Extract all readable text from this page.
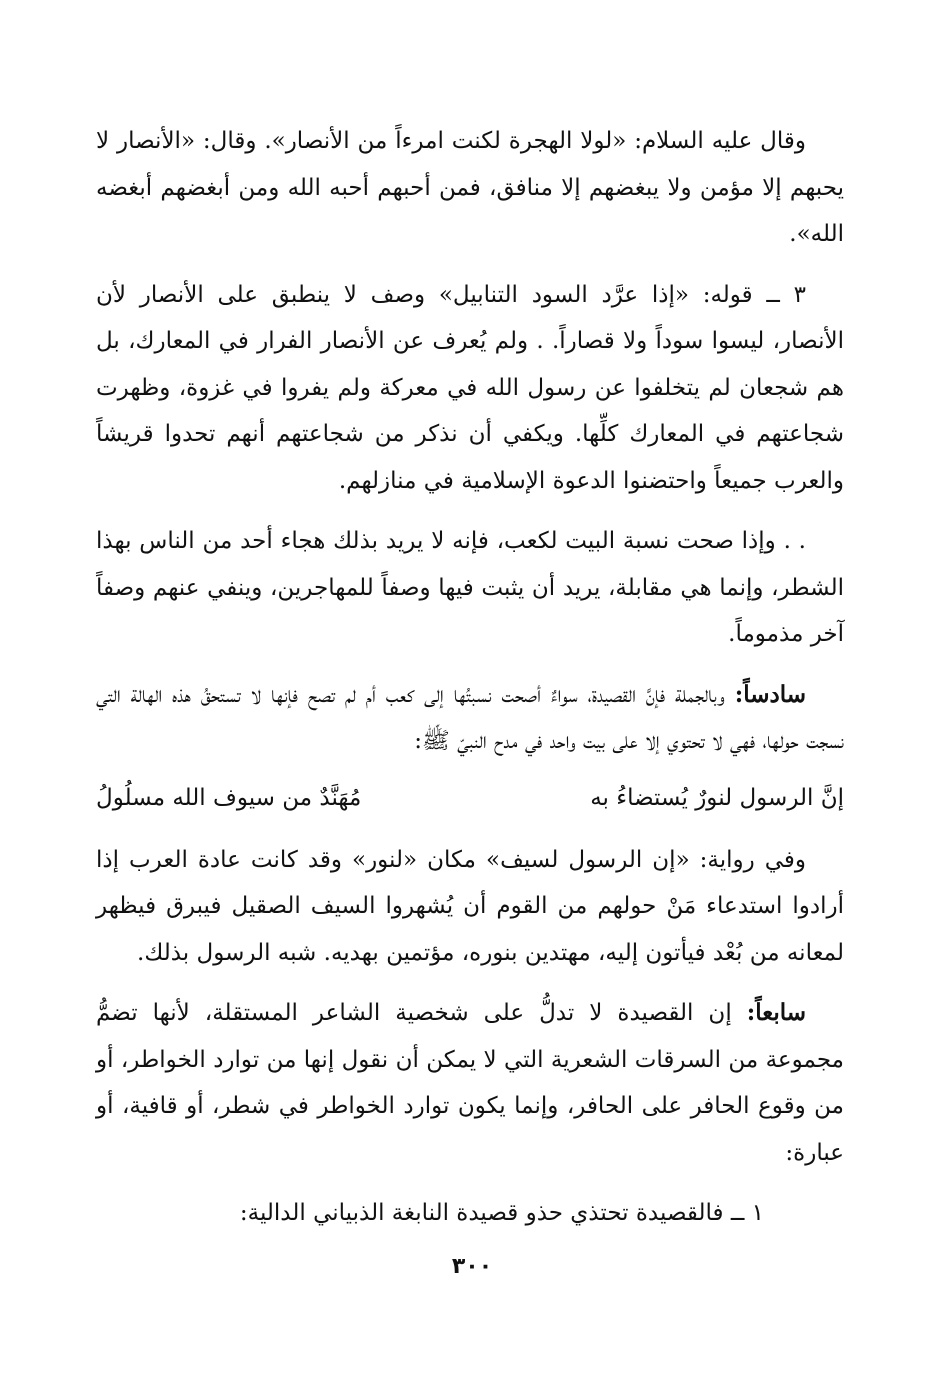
وقال عليه السلام: «لولا الهجرة لكنت امرءاً من الأنصار». وقال: «الأنصار لا يحبهم إلا مؤمن ولا يبغضهم إلا منافق، فمن أحبهم أحبه الله ومن أبغضهم أبغضه الله».

٣ ــ قوله: «إذا عرَّد السود التنابيل» وصف لا ينطبق على الأنصار لأن الأنصار، ليسوا سوداً ولا قصاراً. . ولم يُعرف عن الأنصار الفرار في المعارك، بل هم شجعان لم يتخلفوا عن رسول الله في معركة ولم يفروا في غزوة، وظهرت شجاعتهم في المعارك كلِّها. ويكفي أن نذكر من شجاعتهم أنهم تحدوا قريشاً والعرب جميعاً واحتضنوا الدعوة الإسلامية في منازلهم.

. . وإذا صحت نسبة البيت لكعب، فإنه لا يريد بذلك هجاء أحد من الناس بهذا الشطر، وإنما هي مقابلة، يريد أن يثبت فيها وصفاً للمهاجرين، وينفي عنهم وصفاً آخر مذموماً.

سادساً: وبالجملة فإنَّ القصيدة، سواءٌ أصحت نسبتُها إلى كعب أم لم تصح فإنها لا تستحقُ هذه الهالة التي نسجت حولها، فهي لا تحتوي إلا على بيت واحد في مدح النبيّ ﷺ:

إنَّ الرسول لنورٌ يُستضاءُ به
مُهَنَّدٌ من سيوف الله مسلُولُ

وفي رواية: «إن الرسول لسيف» مكان «لنور» وقد كانت عادة العرب إذا أرادوا استدعاء مَنْ حولهم من القوم أن يُشهروا السيف الصقيل فيبرق فيظهر لمعانه من بُعْد فيأتون إليه، مهتدين بنوره، مؤتمين بهديه. شبه الرسول بذلك.

سابعاً: إن القصيدة لا تدلُّ على شخصية الشاعر المستقلة، لأنها تضمُّ مجموعة من السرقات الشعرية التي لا يمكن أن نقول إنها من توارد الخواطر، أو من وقوع الحافر على الحافر، وإنما يكون توارد الخواطر في شطر، أو قافية، أو عبارة:

١ ــ فالقصيدة تحتذي حذو قصيدة النابغة الذبياني الدالية:

٣٠٠
